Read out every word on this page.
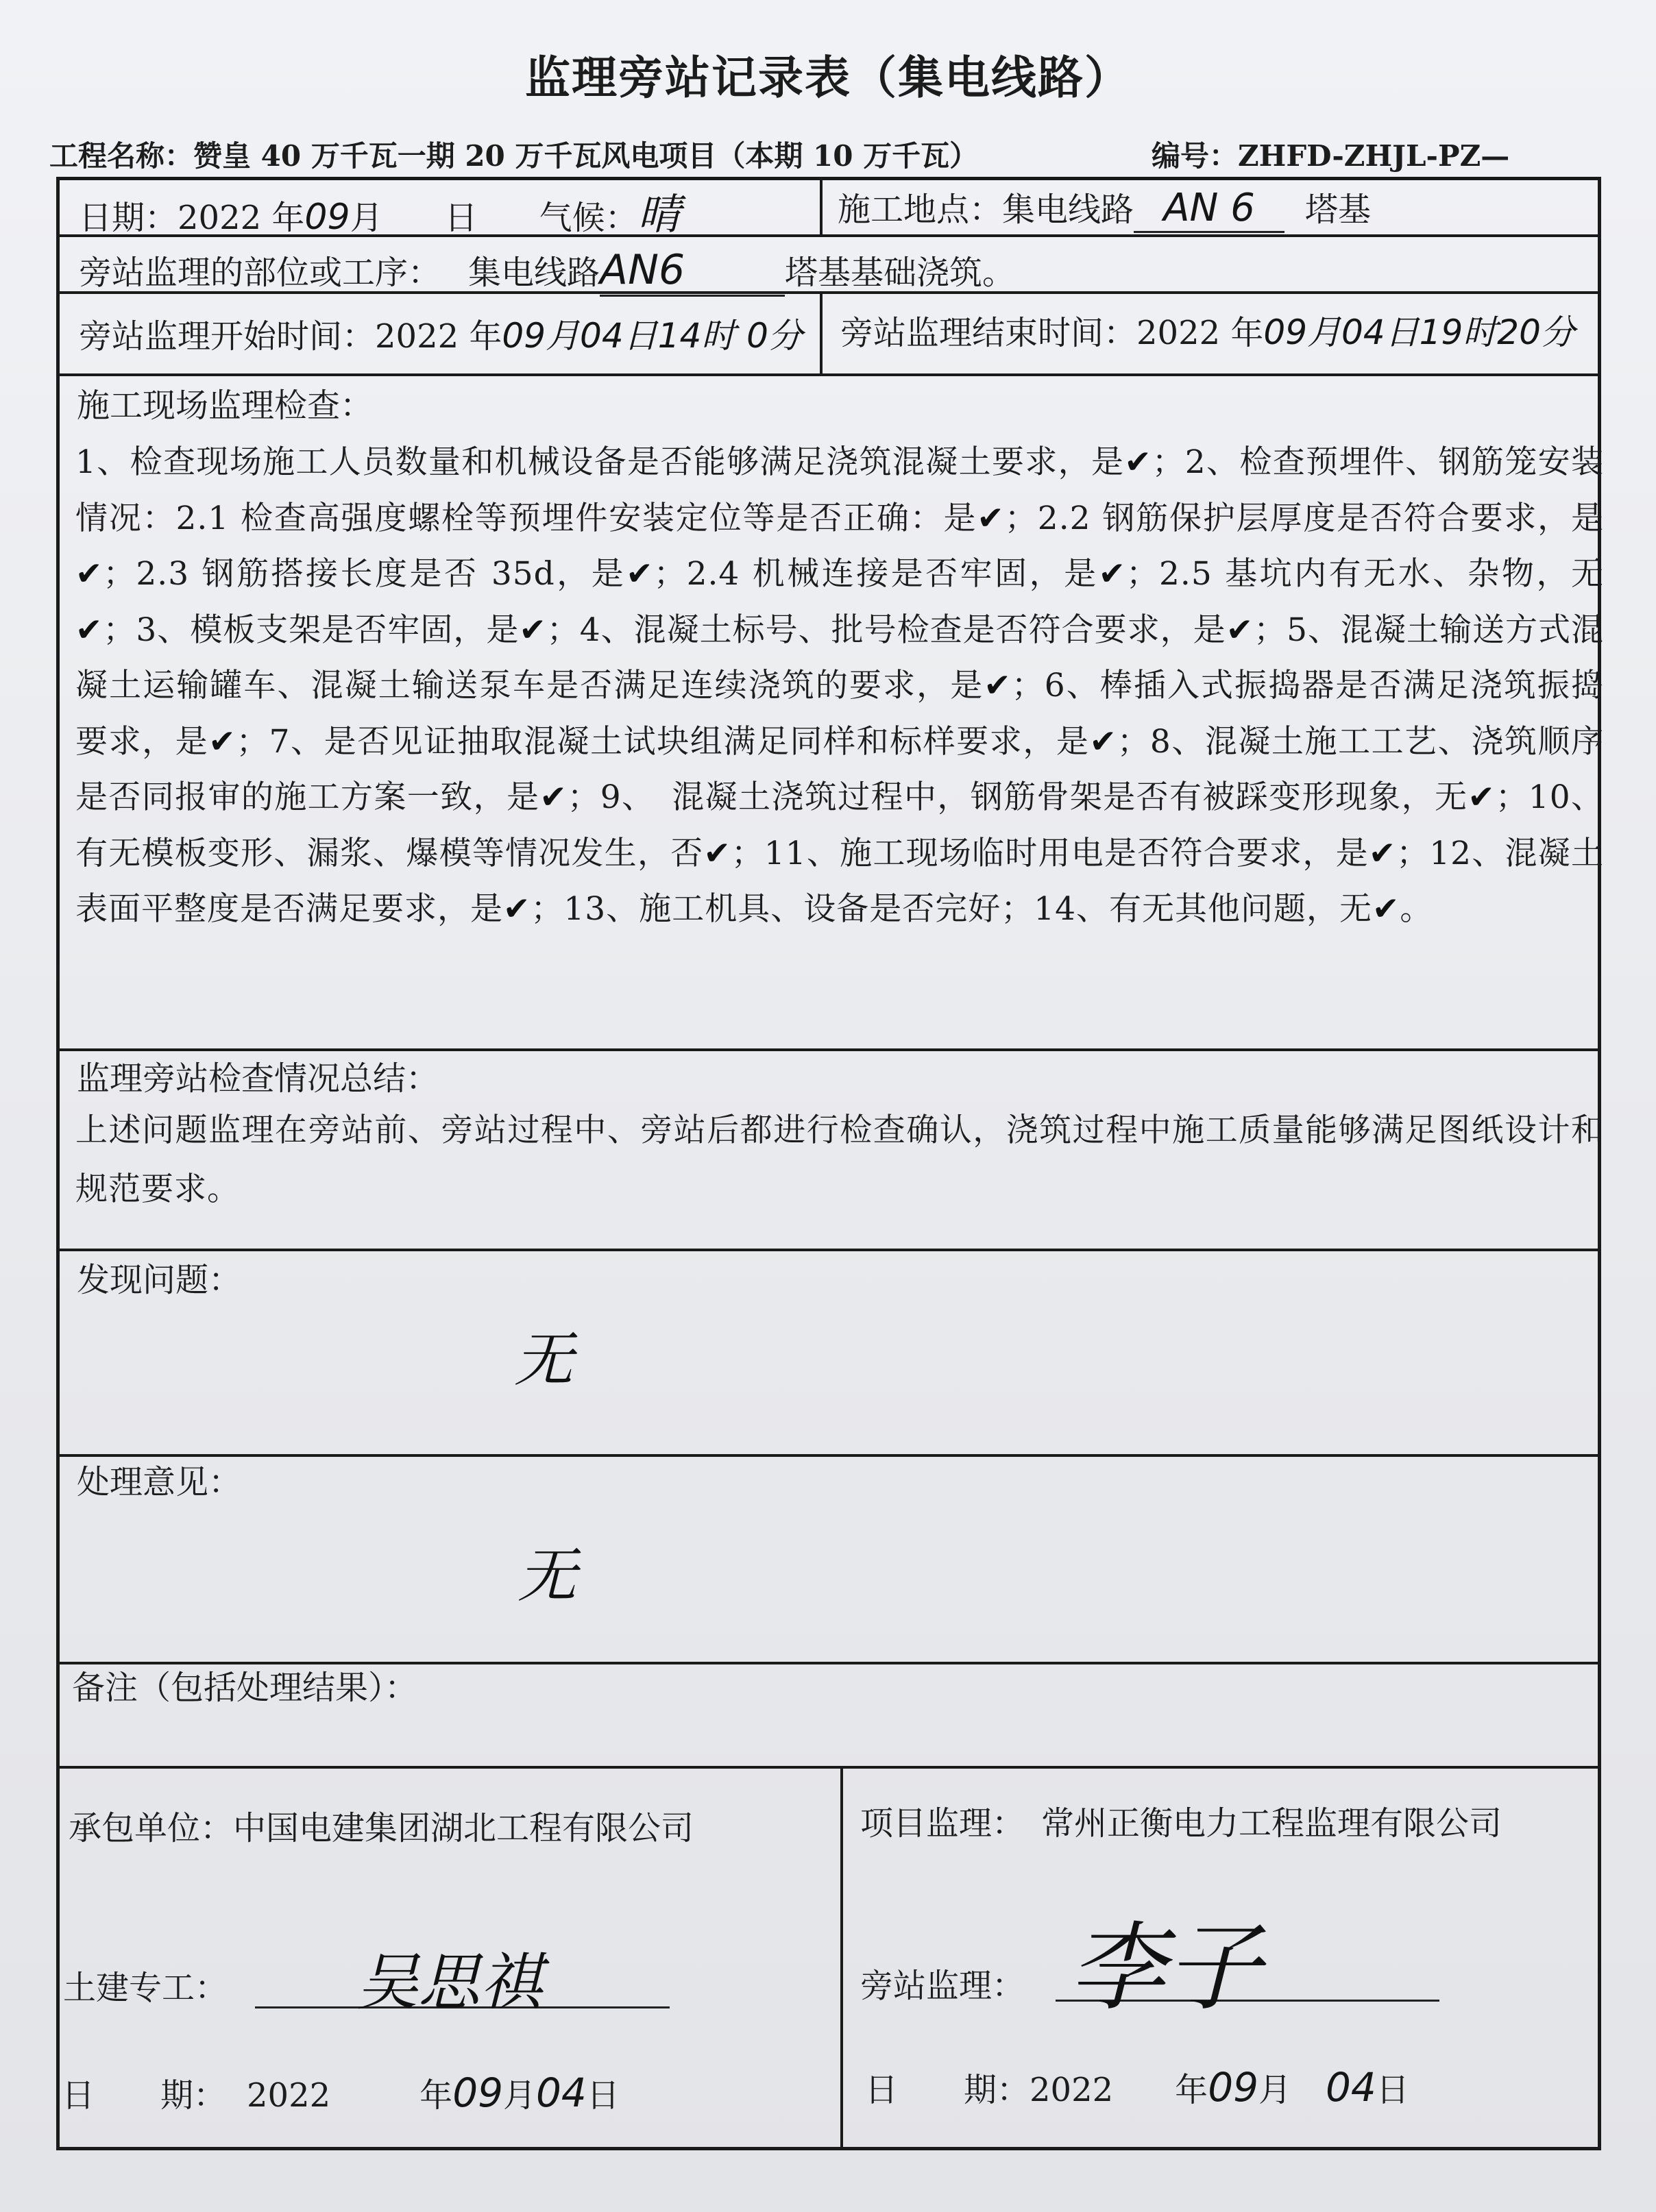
监理旁站记录表（集电线路）
工程名称：赞皇 40 万千瓦一期 20 万千瓦风电项目（本期 10 万千瓦）	编号：ZHFD-ZHJL-PZ—
日期：2022 年09月 日 气候：晴	施工地点：集电线路 AN 6 塔基
旁站监理的部位或工序： 集电线路AN6	塔基基础浇筑。
旁站监理开始时间：2022 年09月04日14时 0分 旁站监理结束时间：2022 年09月04日19时20分
施工现场监理检查：
1、检查现场施工人员数量和机械设备是否能够满足浇筑混凝土要求，是✔；2、检查预埋件、钢筋笼安装情况：2.1 检查高强度螺栓等预埋件安装定位等是否正确：是✔；2.2 钢筋保护层厚度是否符合要求，是✔；2.3 钢筋搭接长度是否 35d，是✔；2.4 机械连接是否牢固，是✔；2.5 基坑内有无水、杂物，无✔；3、模板支架是否牢固，是✔；4、混凝土标号、批号检查是否符合要求，是✔；5、混凝土输送方式混凝土运输罐车、混凝土输送泵车是否满足连续浇筑的要求，是✔；6、棒插入式振捣器是否满足浇筑振捣要求，是✔；7、是否见证抽取混凝土试块组满足同样和标样要求，是✔；8、混凝土施工工艺、浇筑顺序是否同报审的施工方案一致，是✔；9、　混凝土浇筑过程中，钢筋骨架是否有被踩变形现象，无✔；10、有无模板变形、漏浆、爆模等情况发生，否✔；11、施工现场临时用电是否符合要求，是✔；12、混凝土表面平整度是否满足要求，是✔；13、施工机具、设备是否完好；14、有无其他问题，无✔。
监理旁站检查情况总结：
上述问题监理在旁站前、旁站过程中、旁站后都进行检查确认，浇筑过程中施工质量能够满足图纸设计和规范要求。
发现问题：
无
处理意见：
无
备注（包括处理结果）：
承包单位：中国电建集团湖北工程有限公司
土建专工： 吴思祺
日　　期： 2022	年09月04日
项目监理：　常州正衡电力工程监理有限公司
旁站监理： 李子
日　　期：2022 年09月 04日
